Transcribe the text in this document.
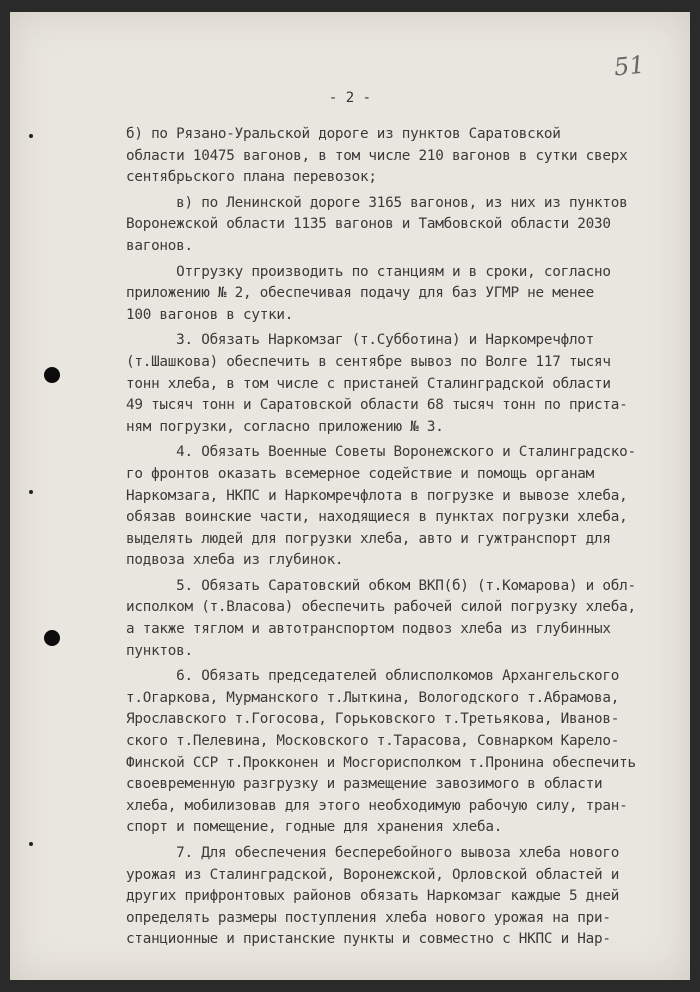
51
- 2 -
б) по Рязано-Уральской дороге из пунктов Саратовской
области 10475 вагонов, в том числе 210 вагонов в сутки сверх
сентябрьского плана перевозок;
в) по Ленинской дороге 3165 вагонов, из них из пунктов
Воронежской области 1135 вагонов и Тамбовской области 2030
вагонов.
Отгрузку производить по станциям и в сроки, согласно
приложению № 2, обеспечивая подачу для баз УГМР не менее
100 вагонов в сутки.
3. Обязать Наркомзаг (т.Субботина) и Наркомречфлот
(т.Шашкова) обеспечить в сентябре вывоз по Волге 117 тысяч
тонн хлеба, в том числе с пристаней Сталинградской области
49 тысяч тонн и Саратовской области 68 тысяч тонн по приста-
ням погрузки, согласно приложению № 3.
4. Обязать Военные Советы Воронежского и Сталинградско-
го фронтов оказать всемерное содействие и помощь органам
Наркомзага, НКПС и Наркомречфлота в погрузке и вывозе хлеба,
обязав воинские части, находящиеся в пунктах погрузки хлеба,
выделять людей для погрузки хлеба, авто и гужтранспорт для
подвоза хлеба из глубинок.
5. Обязать Саратовский обком ВКП(б) (т.Комарова) и обл-
исполком (т.Власова) обеспечить рабочей силой погрузку хлеба,
а также тяглом и автотранспортом подвоз хлеба из глубинных
пунктов.
6. Обязать председателей облисполкомов Архангельского
т.Огаркова, Мурманского т.Лыткина, Вологодского т.Абрамова,
Ярославского т.Гогосова, Горьковского т.Третьякова, Иванов-
ского т.Пелевина, Московского т.Тарасова, Совнарком Карело-
Финской ССР т.Прокконен и Мосгорисполком т.Пронина обеспечить
своевременную разгрузку и размещение завозимого в области
хлеба, мобилизовав для этого необходимую рабочую силу, тран-
спорт и помещение, годные для хранения хлеба.
7. Для обеспечения бесперебойного вывоза хлеба нового
урожая из Сталинградской, Воронежской, Орловской областей и
других прифронтовых районов обязать Наркомзаг каждые 5 дней
определять размеры поступления хлеба нового урожая на при-
станционные и пристанские пункты и совместно с НКПС и Нар-
